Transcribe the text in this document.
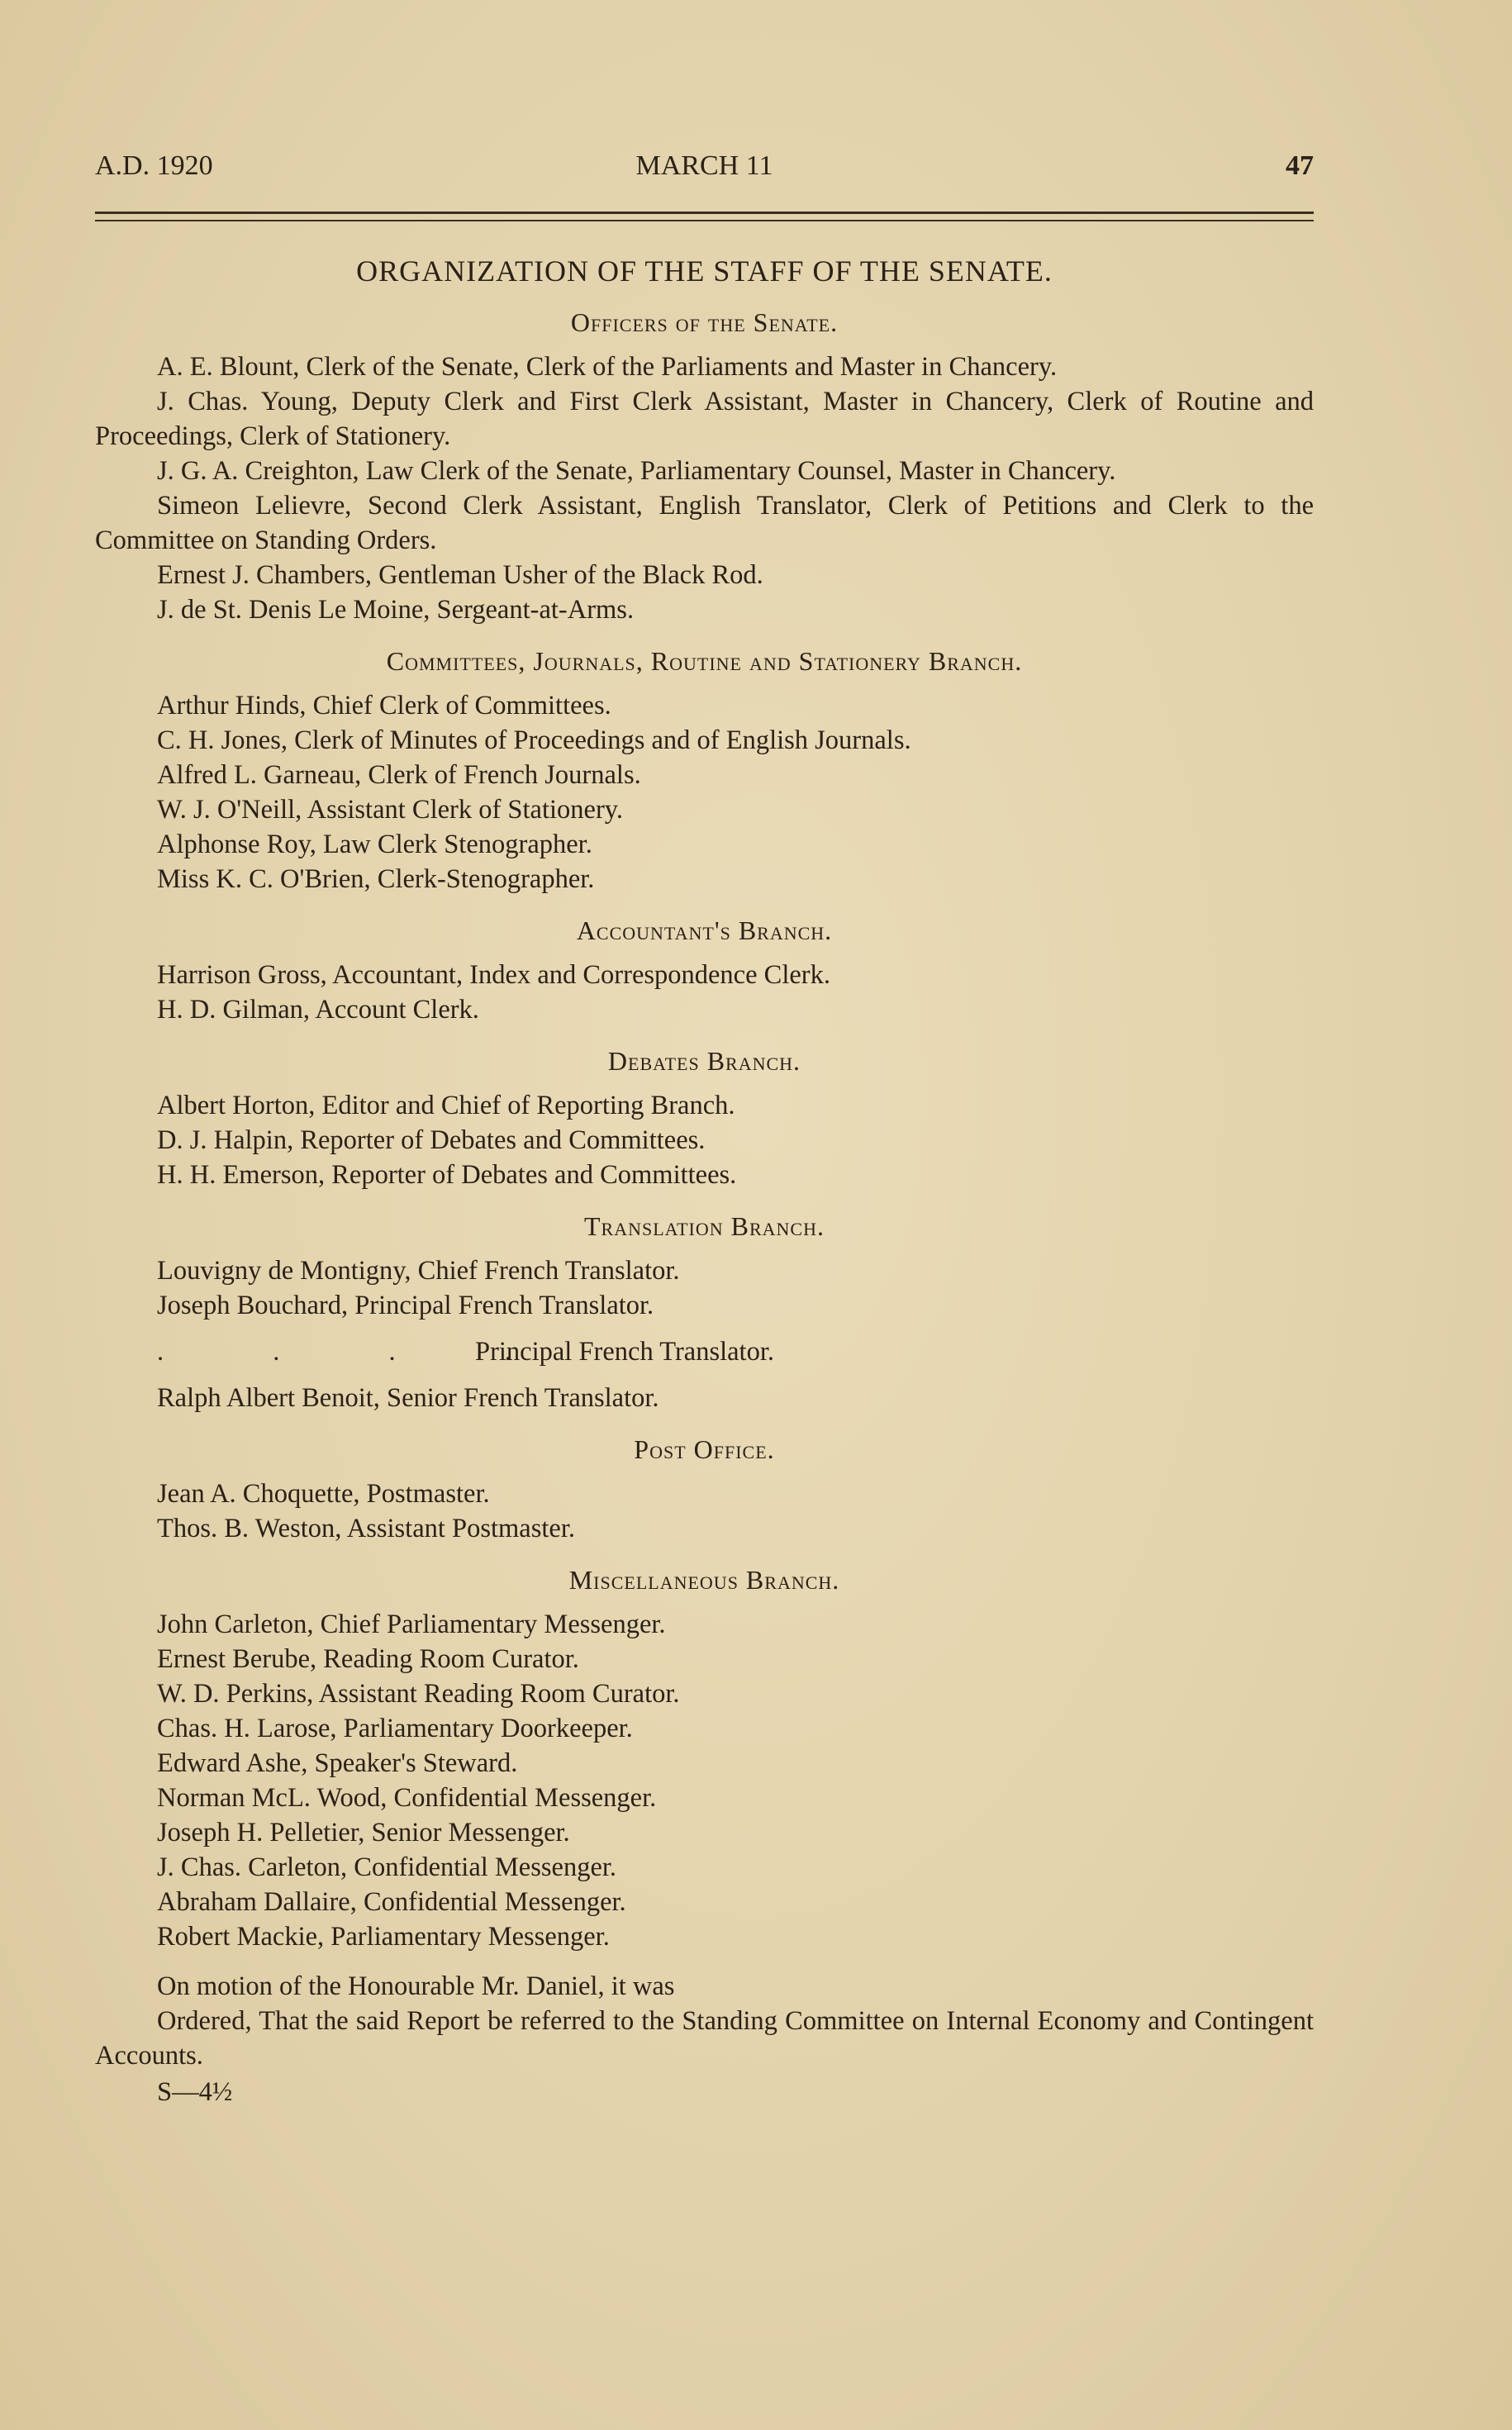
A.D. 1920	MARCH 11	47
ORGANIZATION OF THE STAFF OF THE SENATE.
Officers of the Senate.
A. E. Blount, Clerk of the Senate, Clerk of the Parliaments and Master in Chancery.
J. Chas. Young, Deputy Clerk and First Clerk Assistant, Master in Chancery, Clerk of Routine and Proceedings, Clerk of Stationery.
J. G. A. Creighton, Law Clerk of the Senate, Parliamentary Counsel, Master in Chancery.
Simeon Lelievre, Second Clerk Assistant, English Translator, Clerk of Petitions and Clerk to the Committee on Standing Orders.
Ernest J. Chambers, Gentleman Usher of the Black Rod.
J. de St. Denis Le Moine, Sergeant-at-Arms.
Committees, Journals, Routine and Stationery Branch.
Arthur Hinds, Chief Clerk of Committees.
C. H. Jones, Clerk of Minutes of Proceedings and of English Journals.
Alfred L. Garneau, Clerk of French Journals.
W. J. O'Neill, Assistant Clerk of Stationery.
Alphonse Roy, Law Clerk Stenographer.
Miss K. C. O'Brien, Clerk-Stenographer.
Accountant's Branch.
Harrison Gross, Accountant, Index and Correspondence Clerk.
H. D. Gilman, Account Clerk.
Debates Branch.
Albert Horton, Editor and Chief of Reporting Branch.
D. J. Halpin, Reporter of Debates and Committees.
H. H. Emerson, Reporter of Debates and Committees.
Translation Branch.
Louvigny de Montigny, Chief French Translator.
Joseph Bouchard, Principal French Translator.
. . . .Principal French Translator.
Ralph Albert Benoit, Senior French Translator.
Post Office.
Jean A. Choquette, Postmaster.
Thos. B. Weston, Assistant Postmaster.
Miscellaneous Branch.
John Carleton, Chief Parliamentary Messenger.
Ernest Berube, Reading Room Curator.
W. D. Perkins, Assistant Reading Room Curator.
Chas. H. Larose, Parliamentary Doorkeeper.
Edward Ashe, Speaker's Steward.
Norman McL. Wood, Confidential Messenger.
Joseph H. Pelletier, Senior Messenger.
J. Chas. Carleton, Confidential Messenger.
Abraham Dallaire, Confidential Messenger.
Robert Mackie, Parliamentary Messenger.
On motion of the Honourable Mr. Daniel, it was
Ordered, That the said Report be referred to the Standing Committee on Internal Economy and Contingent Accounts.
S—4½
